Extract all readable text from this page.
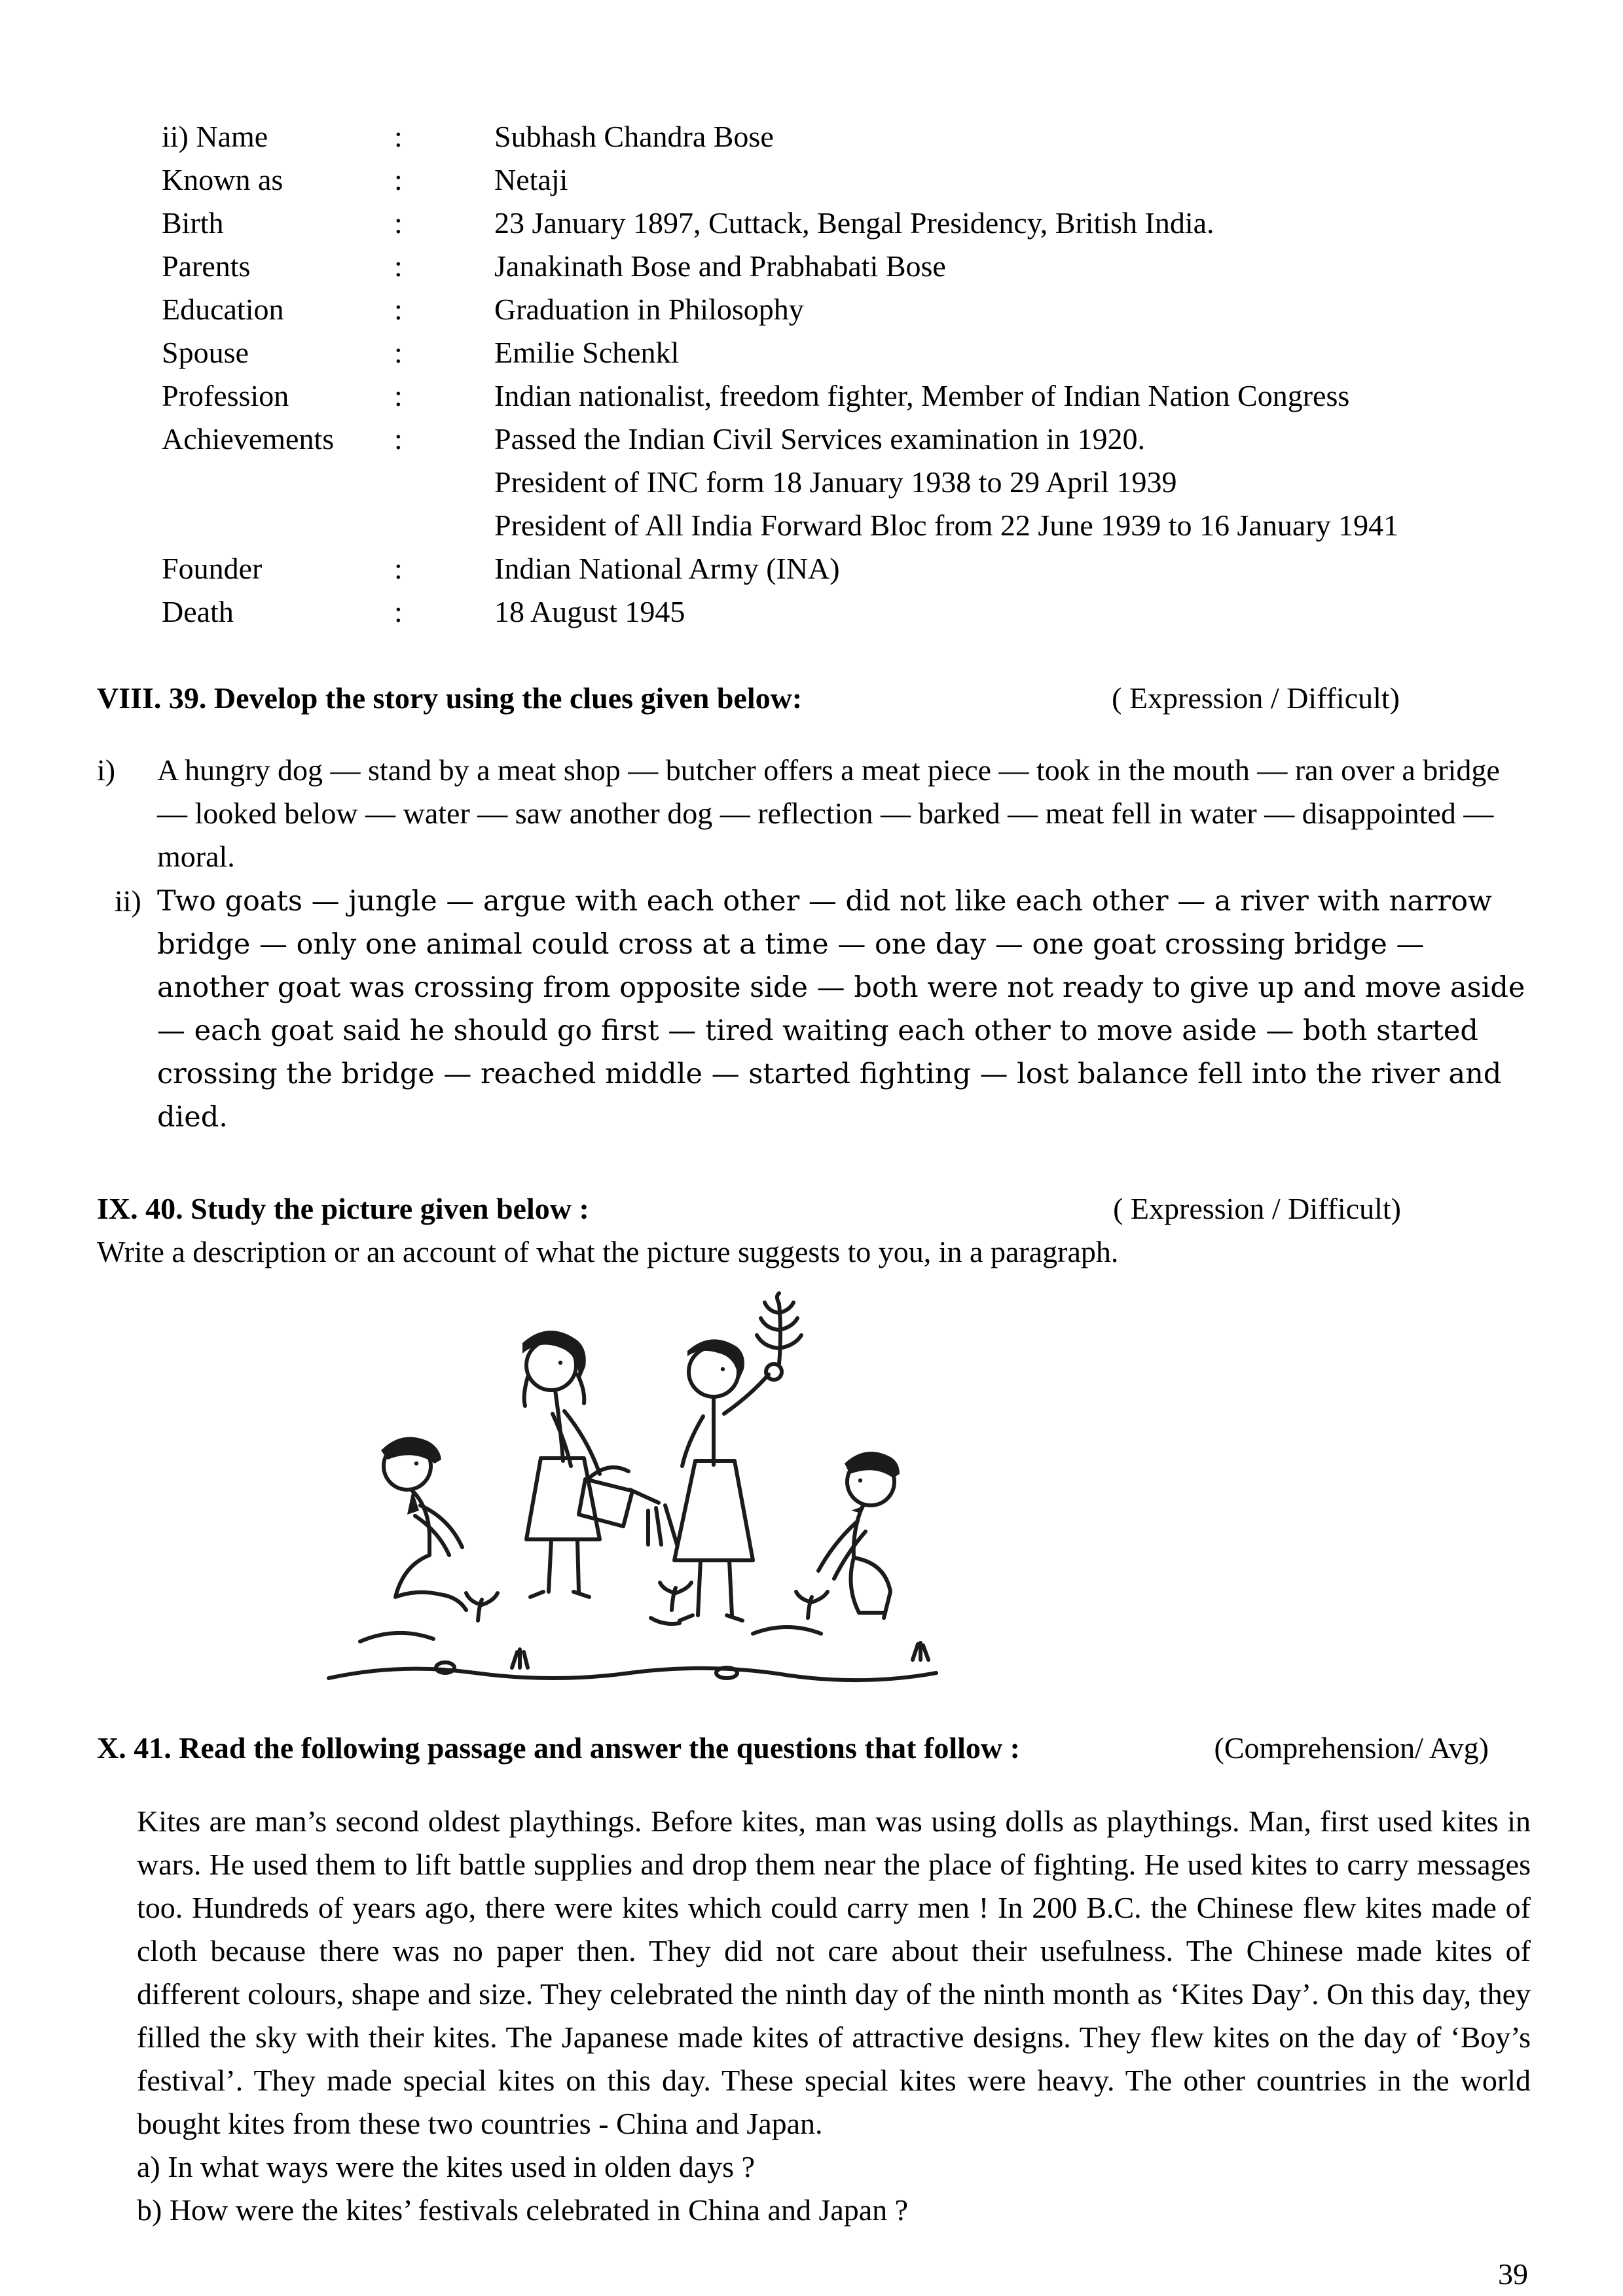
ii) Name	:	Subhash Chandra Bose
Known as	:	Netaji
Birth	:	23 January 1897, Cuttack, Bengal Presidency, British India.
Parents	:	Janakinath Bose and Prabhabati Bose
Education	:	Graduation in Philosophy
Spouse	:	Emilie Schenkl
Profession	:	Indian nationalist, freedom fighter, Member of Indian Nation Congress
Achievements	:	Passed the Indian Civil Services examination in 1920.
President of INC form 18 January 1938 to 29 April 1939
President of All India Forward Bloc from 22 June 1939 to 16 January 1941
Founder	:	Indian National Army (INA)
Death	:	18 August 1945
VIII. 39. Develop the story using the clues given below:	( Expression / Difficult)
i)	A hungry dog — stand by a meat shop — butcher offers a meat piece — took in the mouth — ran over a bridge — looked below — water — saw another dog — reflection — barked — meat fell in water — disappointed — moral.
ii) Two goats — jungle — argue with each other — did not like each other — a river with narrow bridge — only one animal could cross at a time — one day — one goat crossing bridge — another goat was crossing from opposite side — both were not ready to give up and move aside— each goat said he should go first — tired waiting each other to move aside — both started crossing the bridge — reached middle — started fighting — lost balance fell into the river and died.
IX. 40. Study the picture given below :	( Expression / Difficult)
Write a description or an account of what the picture suggests to you, in a paragraph.
X. 41. Read the following passage and answer the questions that follow :	(Comprehension/ Avg)
Kites are man’s second oldest playthings. Before kites, man was using dolls as playthings. Man, first used kites in wars. He used them to lift battle supplies and drop them near the place of fighting. He used kites to carry messages too. Hundreds of years ago, there were kites which could carry men ! In 200 B.C. the Chinese flew kites made of cloth because there was no paper then. They did not care about their usefulness. The Chinese made kites of different colours, shape and size. They celebrated the ninth day of the ninth month as ‘Kites Day’. On this day, they filled the sky with their kites. The Japanese made kites of attractive designs. They flew kites on the day of ‘Boy’s festival’. They made special kites on this day. These special kites were heavy. The other countries in the world bought kites from these two countries - China and Japan.
a) In what ways were the kites used in olden days ?
b) How were the kites’ festivals celebrated in China and Japan ?
39
